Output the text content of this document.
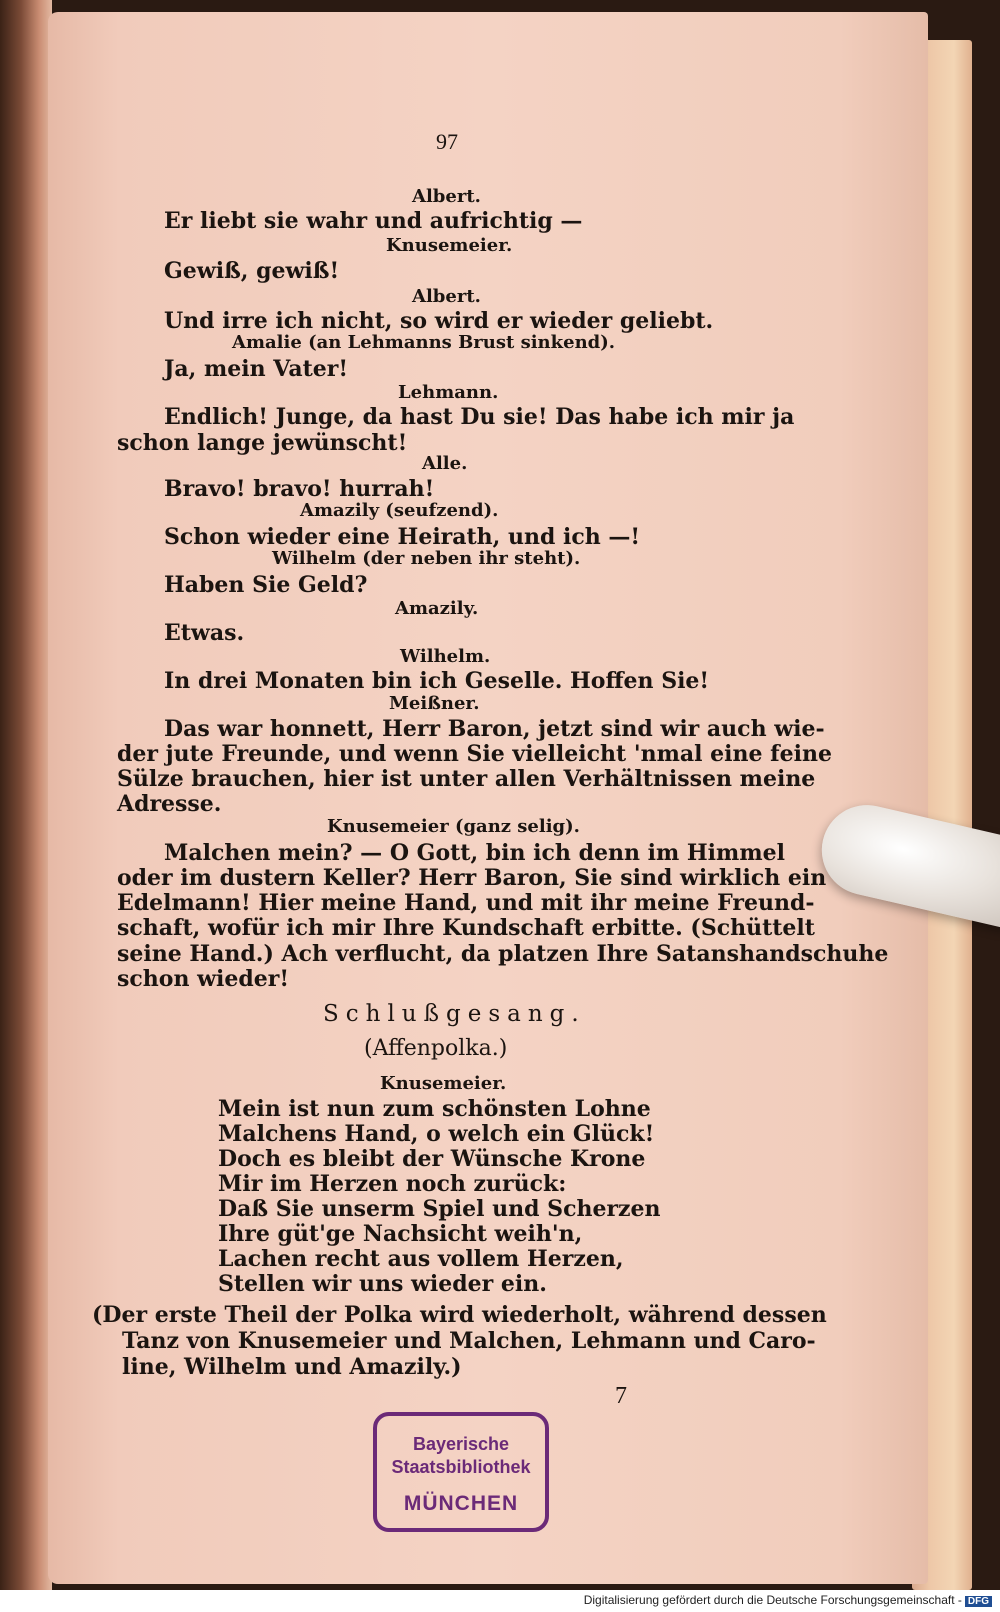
97
Albert.
Er liebt sie wahr und aufrichtig —
Knusemeier.
Gewiß, gewiß!
Albert.
Und irre ich nicht, so wird er wieder geliebt.
Amalie (an Lehmanns Brust sinkend).
Ja, mein Vater!
Lehmann.
Endlich! Junge, da hast Du sie! Das habe ich mir ja
schon lange jewünscht!
Alle.
Bravo! bravo! hurrah!
Amazily (seufzend).
Schon wieder eine Heirath, und ich —!
Wilhelm (der neben ihr steht).
Haben Sie Geld?
Amazily.
Etwas.
Wilhelm.
In drei Monaten bin ich Geselle. Hoffen Sie!
Meißner.
Das war honnett, Herr Baron, jetzt sind wir auch wie-
der jute Freunde, und wenn Sie vielleicht 'nmal eine feine
Sülze brauchen, hier ist unter allen Verhältnissen meine
Adresse.
Knusemeier (ganz selig).
Malchen mein? — O Gott, bin ich denn im Himmel
oder im dustern Keller? Herr Baron, Sie sind wirklich ein
Edelmann! Hier meine Hand, und mit ihr meine Freund-
schaft, wofür ich mir Ihre Kundschaft erbitte. (Schüttelt
seine Hand.) Ach verflucht, da platzen Ihre Satanshandschuhe
schon wieder!
Schlußgesang.
(Affenpolka.)
Knusemeier.
Mein ist nun zum schönsten Lohne
Malchens Hand, o welch ein Glück!
Doch es bleibt der Wünsche Krone
Mir im Herzen noch zurück:
Daß Sie unserm Spiel und Scherzen
Ihre güt'ge Nachsicht weih'n,
Lachen recht aus vollem Herzen,
Stellen wir uns wieder ein.
(Der erste Theil der Polka wird wiederholt, während dessen
Tanz von Knusemeier und Malchen, Lehmann und Caro-
line, Wilhelm und Amazily.)
7
Bayerische
Staatsbibliothek
MÜNCHEN
Digitalisierung gefördert durch die Deutsche Forschungsgemeinschaft - DFG
